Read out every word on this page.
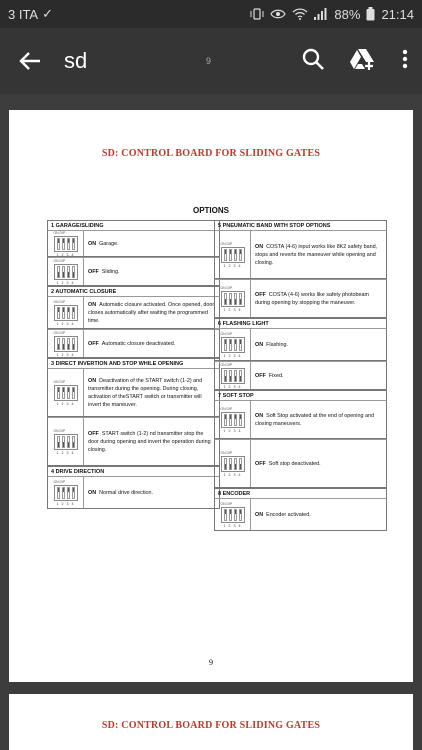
3 ITA ✓	88% 21:14
sd	9
SD: CONTROL BOARD FOR SLIDING GATES
OPTIONS
1 GARAGE/SLIDING
ON DIP
1 2 3 4
ON Garage.
ON DIP
1 2 3 4
OFF Sliding.
2 AUTOMATIC CLOSURE
ON DIP
1 2 3 4
ON Automatic closure activated. Once opened, door closes automatically after waiting the programmed time.
ON DIP
1 2 3 4
OFF Automatic closure deactivated.
3 DIRECT INVERTION AND STOP WHILE OPENING
ON DIP
1 2 3 4
ON Deactivation of the START switch (1-2) and transmitter during the opening. During closing, activation of theSTART switch or transmitter will invert the maneuver.
ON DIP
1 2 3 4
OFF START switch (1-2) nd transmitter stop the door during opening and invert the operation during closing.
4 DRIVE DIRECTION
ON DIP
1 2 3 4
ON Normal drive direction.
5 PNEUMATIC BAND WITH STOP OPTIONS
ON DIP
1 2 3 4
ON COSTA (4-6) input works like 8K2 safety band, stops and reverts the maneuver while opening and closing.
ON DIP
1 2 3 4
OFF COSTA (4-6) works like safety photobeam during opening by stopping the maneuver.
6 FLASHING LIGHT
ON DIP
1 2 3 4
ON Flashing.
ON DIP
1 2 3 4
OFF Fixed.
7 SOFT STOP
ON DIP
1 2 3 4
ON Soft Stop activated at the end of opening and closing maneuvers.
ON DIP
1 2 3 4
OFF Soft stop deactivated.
8 ENCODER
ON DIP
1 2 3 4
ON Encoder activated.
9
SD: CONTROL BOARD FOR SLIDING GATES
